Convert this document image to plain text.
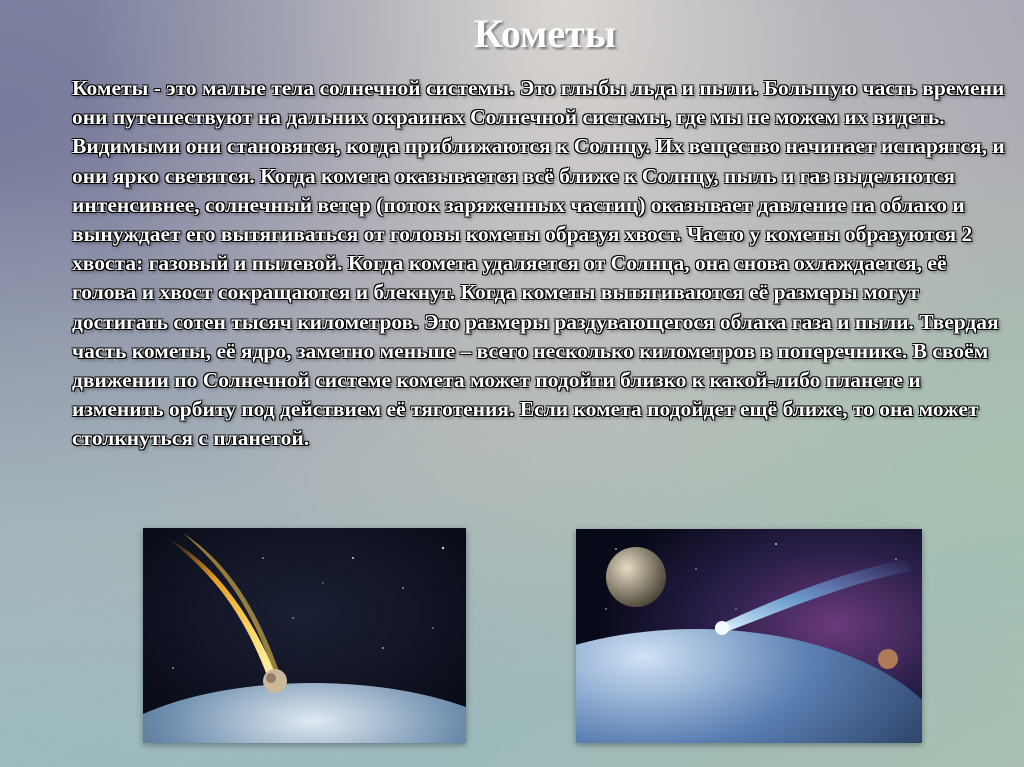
Кометы

Кометы - это малые тела солнечной системы. Это глыбы льда и пыли. Большую часть времени они путешествуют на дальних окраинах Солнечной системы, где мы не можем их видеть. Видимыми они становятся, когда приближаются к Солнцу. Их вещество начинает испарятся, и они ярко светятся. Когда комета оказывается всё ближе к Солнцу, пыль и газ выделяются интенсивнее, солнечный ветер (поток заряженных частиц) оказывает давление на облако и вынуждает его вытягиваться от головы кометы образуя хвост. Часто у кометы образуются 2 хвоста: газовый и пылевой. Когда комета удаляется от Солнца, она снова охлаждается, её голова и хвост сокращаются и блекнут. Когда кометы вытягиваются её размеры могут достигать сотен тысяч километров. Это размеры раздувающегося облака газа и пыли. Твердая часть кометы, её ядро, заметно меньше – всего несколько километров в поперечнике. В своём движении по Солнечной системе комета может подойти близко к какой-либо планете и изменить орбиту под действием её тяготения. Если комета подойдет ещё ближе, то она может столкнуться с планетой.
